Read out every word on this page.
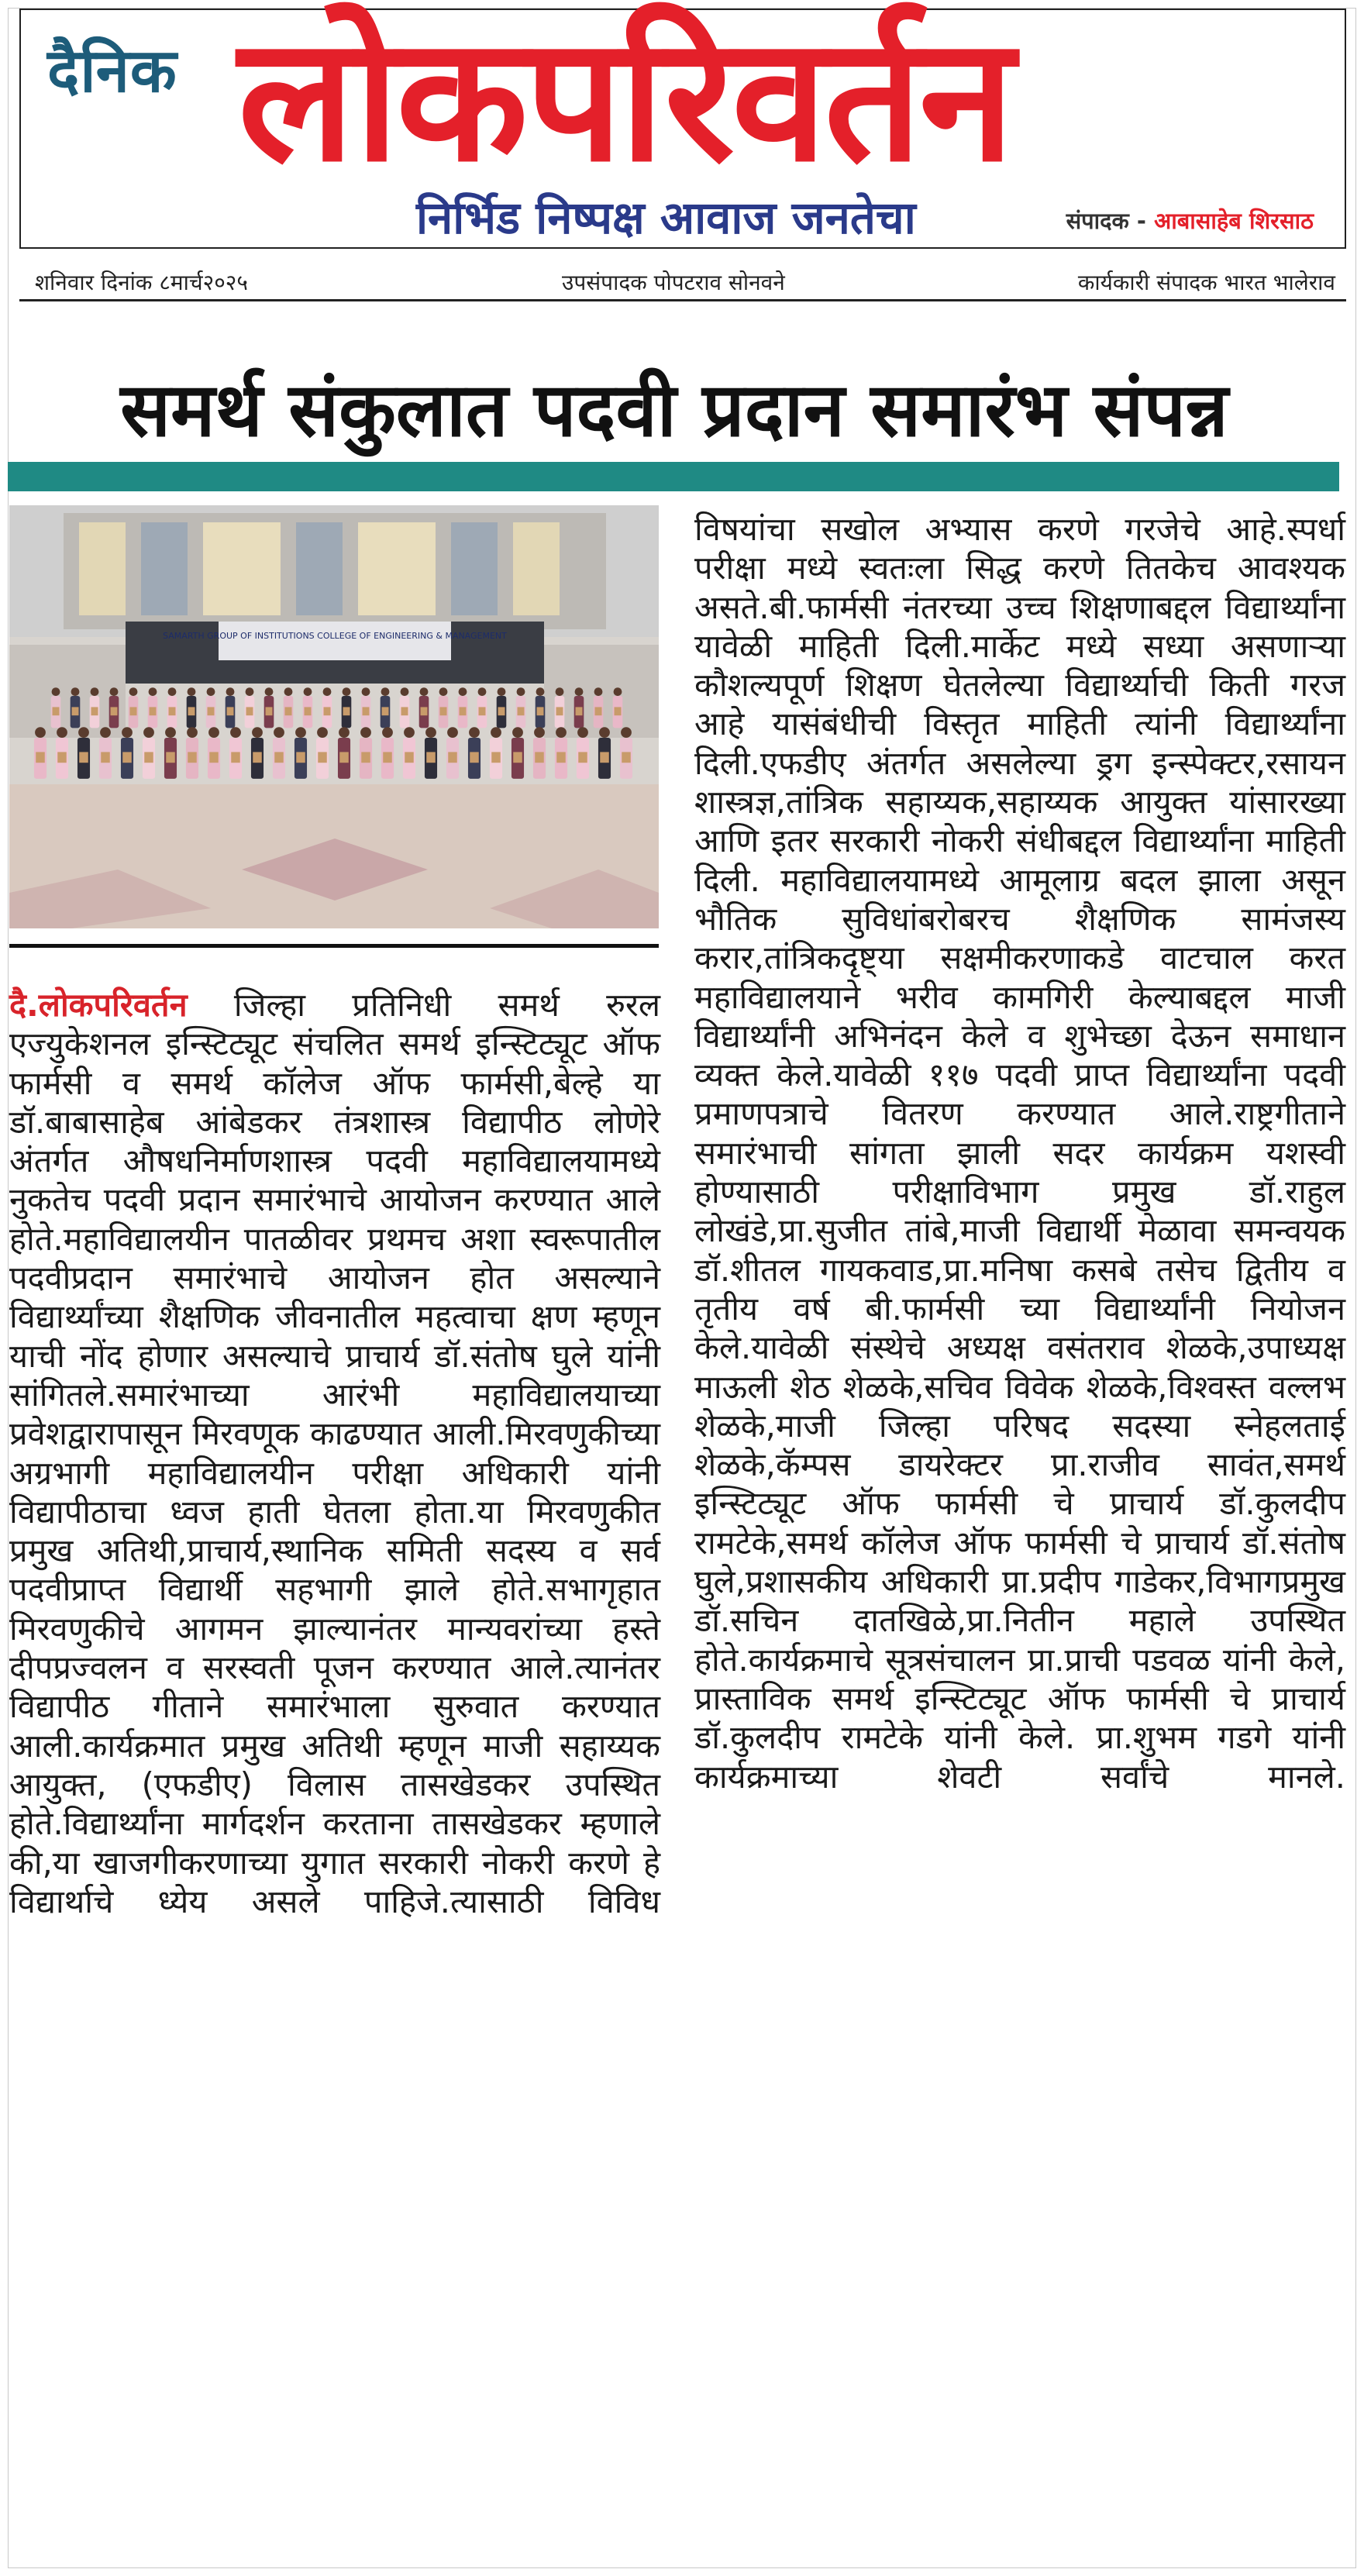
दैनिक लोकपरिवर्तन
निर्भिड निष्पक्ष आवाज जनतेचा	संपादक - आबासाहेब शिरसाठ
शनिवार दिनांक ८मार्च२०२५	उपसंपादक पोपटराव सोनवने	कार्यकारी संपादक भारत भालेराव
समर्थ संकुलात पदवी प्रदान समारंभ संपन्न
SAMARTH GROUP OF INSTITUTIONS COLLEGE OF ENGINEERING & MANAGEMENT
दै.लोकपरिवर्तन जिल्हा प्रतिनिधी समर्थ रुरल एज्युकेशनल इन्स्टिट्यूट संचलित समर्थ इन्स्टिट्यूट ऑफ फार्मसी व समर्थ कॉलेज ऑफ फार्मसी,बेल्हे या डॉ.बाबासाहेब आंबेडकर तंत्रशास्त्र विद्यापीठ लोणेरे अंतर्गत औषधनिर्माणशास्त्र पदवी महाविद्यालयामध्ये नुकतेच पदवी प्रदान समारंभाचे आयोजन करण्यात आले होते.महाविद्यालयीन पातळीवर प्रथमच अशा स्वरूपातील पदवीप्रदान समारंभाचे आयोजन होत असल्याने विद्यार्थ्यांच्या शैक्षणिक जीवनातील महत्वाचा क्षण म्हणून याची नोंद होणार असल्याचे प्राचार्य डॉ.संतोष घुले यांनी सांगितले.समारंभाच्या आरंभी महाविद्यालयाच्या प्रवेशद्वारापासून मिरवणूक काढण्यात आली.मिरवणुकीच्या अग्रभागी महाविद्यालयीन परीक्षा अधिकारी यांनी विद्यापीठाचा ध्वज हाती घेतला होता.या मिरवणुकीत प्रमुख अतिथी,प्राचार्य,स्थानिक समिती सदस्य व सर्व पदवीप्राप्त विद्यार्थी सहभागी झाले होते.सभागृहात मिरवणुकीचे आगमन झाल्यानंतर मान्यवरांच्या हस्ते दीपप्रज्वलन व सरस्वती पूजन करण्यात आले.त्यानंतर विद्यापीठ गीताने समारंभाला सुरुवात करण्यात आली.कार्यक्रमात प्रमुख अतिथी म्हणून माजी सहाय्यक आयुक्त, (एफडीए) विलास तासखेडकर उपस्थित होते.विद्यार्थ्यांना मार्गदर्शन करताना तासखेडकर म्हणाले की,या खाजगीकरणाच्या युगात सरकारी नोकरी करणे हे विद्यार्थाचे ध्येय असले पाहिजे.त्यासाठी विविध
विषयांचा सखोल अभ्यास करणे गरजेचे आहे.स्पर्धा परीक्षा मध्ये स्वतःला सिद्ध करणे तितकेच आवश्यक असते.बी.फार्मसी नंतरच्या उच्च शिक्षणाबद्दल विद्यार्थ्यांना यावेळी माहिती दिली.मार्केट मध्ये सध्या असणाऱ्या कौशल्यपूर्ण शिक्षण घेतलेल्या विद्यार्थ्याची किती गरज आहे यासंबंधीची विस्तृत माहिती त्यांनी विद्यार्थ्यांना दिली.एफडीए अंतर्गत असलेल्या ड्रग इन्स्पेक्टर,रसायन शास्त्रज्ञ,तांत्रिक सहाय्यक,सहाय्यक आयुक्त यांसारख्या आणि इतर सरकारी नोकरी संधीबद्दल विद्यार्थ्यांना माहिती दिली. महाविद्यालयामध्ये आमूलाग्र बदल झाला असून भौतिक सुविधांबरोबरच शैक्षणिक सामंजस्य करार,तांत्रिकदृष्ट्या सक्षमीकरणाकडे वाटचाल करत महाविद्यालयाने भरीव कामगिरी केल्याबद्दल माजी विद्यार्थ्यांनी अभिनंदन केले व शुभेच्छा देऊन समाधान व्यक्त केले.यावेळी ११७ पदवी प्राप्त विद्यार्थ्यांना पदवी प्रमाणपत्राचे वितरण करण्यात आले.राष्ट्रगीताने समारंभाची सांगता झाली सदर कार्यक्रम यशस्वी होण्यासाठी परीक्षाविभाग प्रमुख डॉ.राहुल लोखंडे,प्रा.सुजीत तांबे,माजी विद्यार्थी मेळावा समन्वयक डॉ.शीतल गायकवाड,प्रा.मनिषा कसबे तसेच द्वितीय व तृतीय वर्ष बी.फार्मसी च्या विद्यार्थ्यांनी नियोजन केले.यावेळी संस्थेचे अध्यक्ष वसंतराव शेळके,उपाध्यक्ष माऊली शेठ शेळके,सचिव विवेक शेळके,विश्वस्त वल्लभ शेळके,माजी जिल्हा परिषद सदस्या स्नेहलताई शेळके,कॅम्पस डायरेक्टर प्रा.राजीव सावंत,समर्थ इन्स्टिट्यूट ऑफ फार्मसी चे प्राचार्य डॉ.कुलदीप रामटेके,समर्थ कॉलेज ऑफ फार्मसी चे प्राचार्य डॉ.संतोष घुले,प्रशासकीय अधिकारी प्रा.प्रदीप गाडेकर,विभागप्रमुख डॉ.सचिन दातखिळे,प्रा.नितीन महाले उपस्थित होते.कार्यक्रमाचे सूत्रसंचालन प्रा.प्राची पडवळ यांनी केले, प्रास्ताविक समर्थ इन्स्टिट्यूट ऑफ फार्मसी चे प्राचार्य डॉ.कुलदीप रामटेके यांनी केले. प्रा.शुभम गडगे यांनी कार्यक्रमाच्या शेवटी सर्वांचे मानले.
